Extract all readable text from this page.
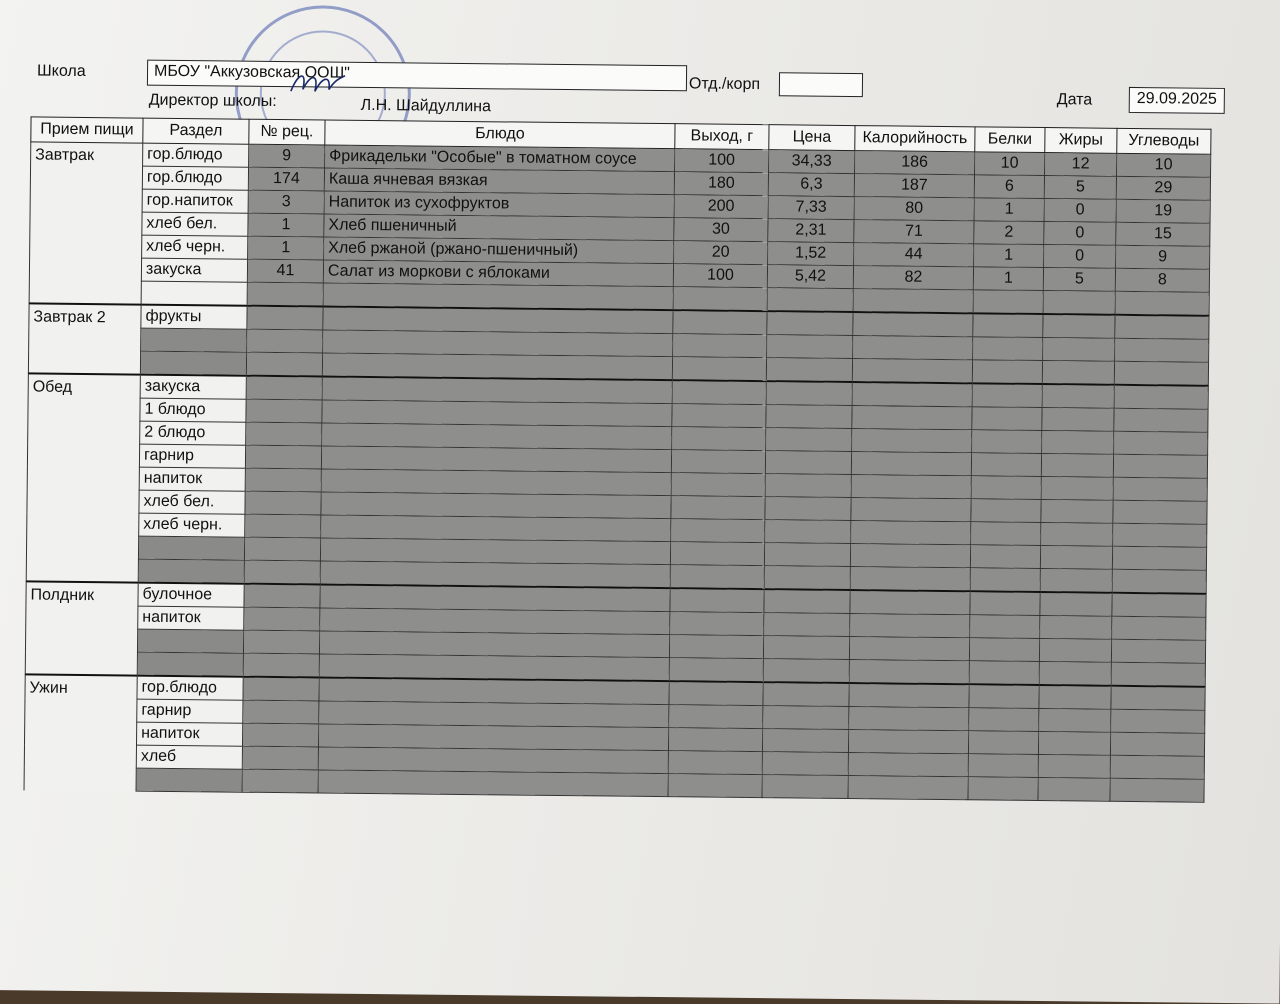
Школа	МБОУ "Аккузовская ООШ"
Отд./корп
Дата	29.09.2025
Директор школы:	Л.Н. Шайдуллина
Прием пищи	Раздел	№ рец.	Блюдо	Выход, г	Цена	Калорийность	Белки	Жиры	Углеводы
Завтрак	гор.блюдо	9	Фрикадельки "Особые" в томатном соусе	100	34,33	186	10	12	10
	гор.блюдо	174	Каша ячневая вязкая	180	6,3	187	6	5	29
	гор.напиток	3	Напиток из сухофруктов	200	7,33	80	1	0	19
	хлеб бел.	1	Хлеб пшеничный	30	2,31	71	2	0	15
	хлеб черн.	1	Хлеб ржаной (ржано-пшеничный)	20	1,52	44	1	0	9
	закуска	41	Салат из моркови с яблоками	100	5,42	82	1	5	8

Завтрак 2	фрукты								

Обед	закуска								
	1 блюдо								
	2 блюдо								
	гарнир								
	напиток								
	хлеб бел.								
	хлеб черн.								

Полдник	булочное								
	напиток								

Ужин	гор.блюдо								
	гарнир								
	напиток								
	хлеб								
